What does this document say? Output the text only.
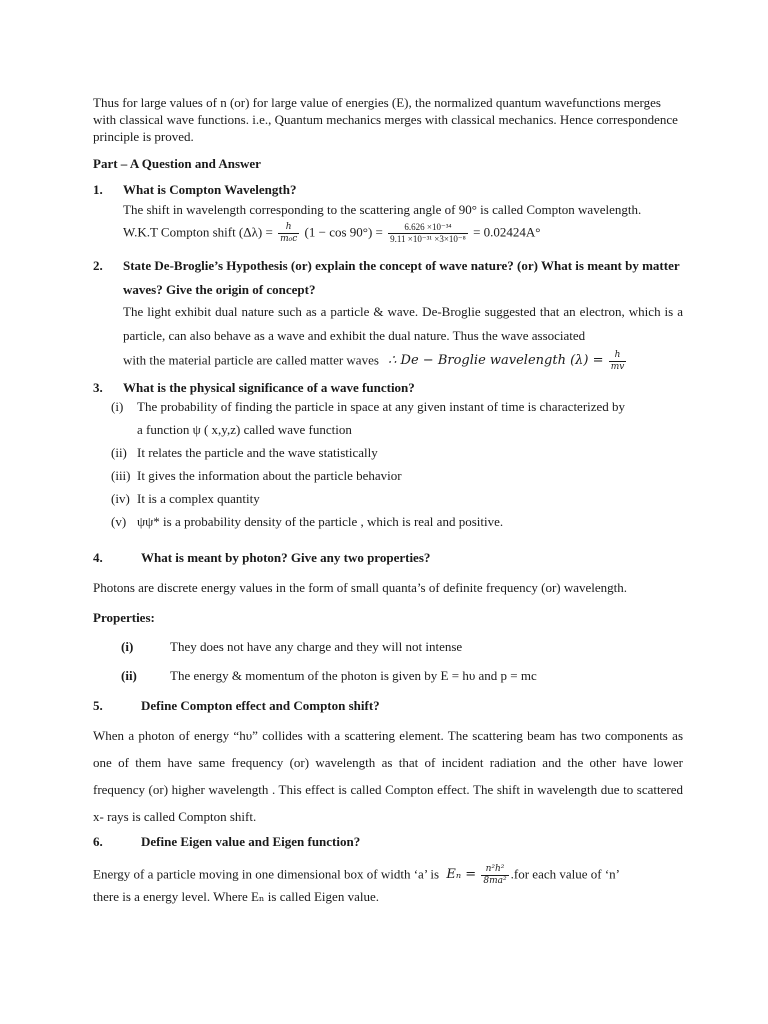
Thus for large values of n (or) for large value of energies (E), the normalized quantum wavefunctions merges with classical wave functions. i.e., Quantum mechanics merges with classical mechanics. Hence correspondence principle is proved.
Part – A Question and Answer
1. What is Compton Wavelength?
The shift in wavelength corresponding to the scattering angle of 90° is called Compton wavelength.
W.K.T Compton shift $(\Delta\lambda) = \frac{h}{\text{m₀c}} (1 - \cos 90^\circ) = \frac{\text{6.626 ×10⁻³⁴}}{\text{9.11 ×10⁻³¹ ×3×10⁻⁸}} = 0.02424A^\circ$
2. State De-Broglie’s Hypothesis (or) explain the concept of wave nature? (or) What is meant by matter waves? Give the origin of concept?
The light exhibit dual nature such as a particle & wave. De-Broglie suggested that an electron, which is a particle, can also behave as a wave and exhibit the dual nature. Thus the wave associated
with the material particle are called matter waves ∴ De − Broglie wavelength $(\lambda) = \frac{h}{mv}$
3. What is the physical significance of a wave function?
(i) The probability of finding the particle in space at any given instant of time is characterized by
a function ψ ( x,y,z) called wave function
(ii) It relates the particle and the wave statistically
(iii) It gives the information about the particle behavior
(iv) It is a complex quantity
(v) ψψ* is a probability density of the particle , which is real and positive.
4.	What is meant by photon? Give any two properties?
Photons are discrete energy values in the form of small quanta’s of definite frequency (or) wavelength.
Properties:
(i)	They does not have any charge and they will not intense
(ii)	The energy & momentum of the photon is given by E = hυ and p = mc
5.	Define Compton effect and Compton shift?
When a photon of energy “hυ” collides with a scattering element. The scattering beam has two components as one of them have same frequency (or) wavelength as that of incident radiation and the other have lower frequency (or) higher wavelength . This effect is called Compton effect. The shift in wavelength due to scattered x- rays is called Compton shift.
6.	Define Eigen value and Eigen function?
Energy of a particle moving in one dimensional box of width ‘a’ is $E_n = \frac{\text{n²h²}}{\text{8ma²}} .for$ each value of ‘n’
there is a energy level. Where Eₙ is called Eigen value.
